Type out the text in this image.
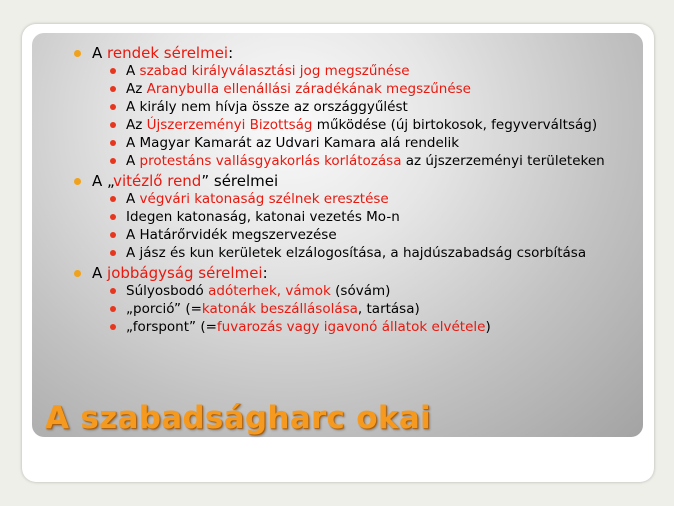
A rendek sérelmei:
A szabad királyválasztási jog megszűnése
Az Aranybulla ellenállási záradékának megszűnése
A király nem hívja össze az országgyűlést
Az Újszerzeményi Bizottság működése (új birtokosok, fegyverváltság)
A Magyar Kamarát az Udvari Kamara alá rendelik
A protestáns vallásgyakorlás korlátozása az újszerzeményi területeken
A „vitézlő rend” sérelmei
A végvári katonaság szélnek eresztése
Idegen katonaság, katonai vezetés Mo-n
A Határőrvidék megszervezése
A jász és kun kerületek elzálogosítása, a hajdúszabadság csorbítása
A jobbágyság sérelmei:
Súlyosbodó adóterhek, vámok (sóvám)
„porció” (=katonák beszállásolása, tartása)
„forspont” (=fuvarozás vagy igavonó állatok elvétele)
A szabadságharc okai
